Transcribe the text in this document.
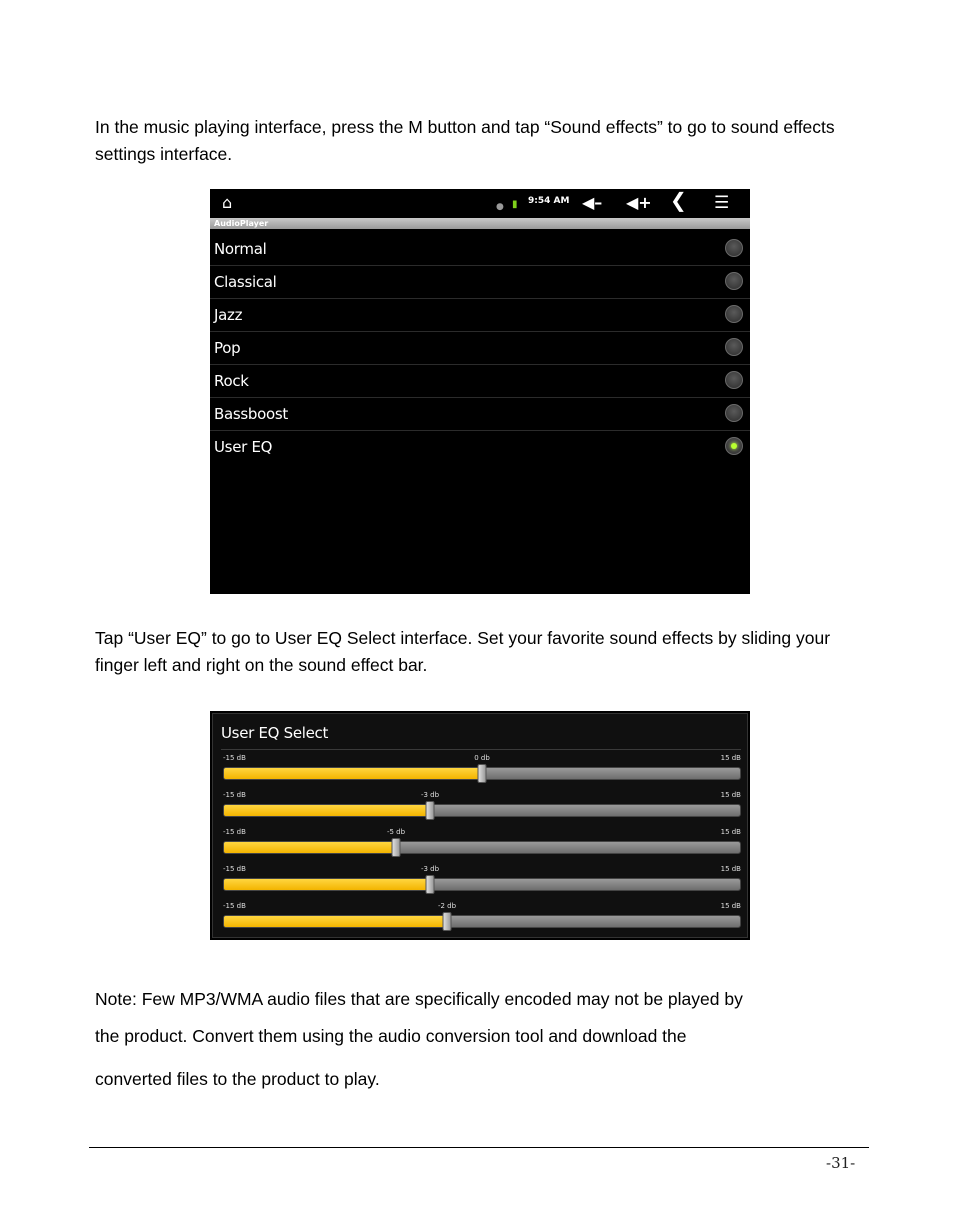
In the music playing interface, press the M button and tap “Sound effects” to go to sound effects settings interface.

⌂	● ▮ 9:54 AM ◀– ◀+ ❮ ☰
AudioPlayer
Normal
Classical
Jazz
Pop
Rock
Bassboost
User EQ

Tap “User EQ” to go to User EQ Select interface. Set your favorite sound effects by sliding your finger left and right on the sound effect bar.

User EQ Select
-15 dB	0 db	15 dB
-15 dB	-3 db	15 dB
-15 dB	-5 db	15 dB
-15 dB	-3 db	15 dB
-15 dB	-2 db	15 dB

Note: Few MP3/WMA audio files that are specifically encoded may not be played by

the product. Convert them using the audio conversion tool and download the

converted files to the product to play.

-31-
